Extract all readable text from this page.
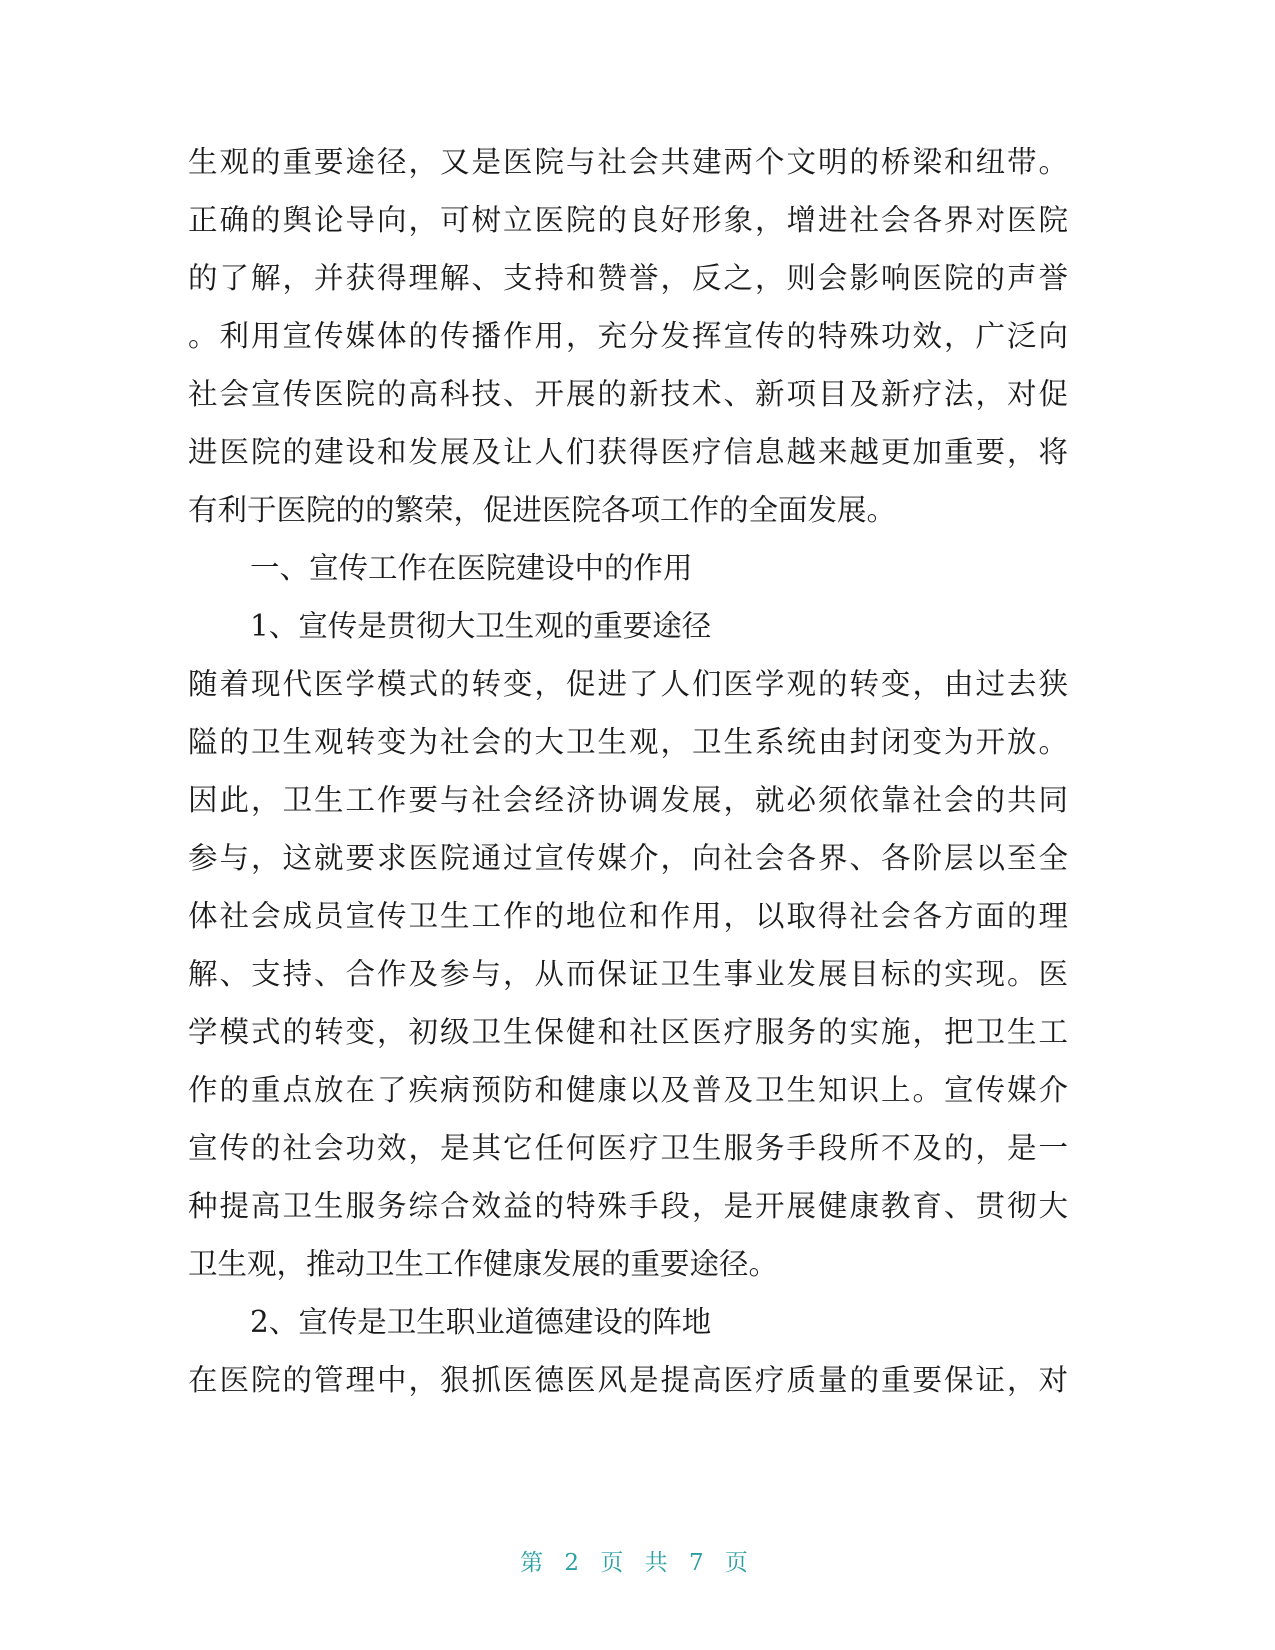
生观的重要途径，又是医院与社会共建两个文明的桥梁和纽带。
正确的舆论导向，可树立医院的良好形象，增进社会各界对医院
的了解，并获得理解、支持和赞誉，反之，则会影响医院的声誉
。利用宣传媒体的传播作用，充分发挥宣传的特殊功效，广泛向
社会宣传医院的高科技、开展的新技术、新项目及新疗法，对促
进医院的建设和发展及让人们获得医疗信息越来越更加重要，将
有利于医院的的繁荣，促进医院各项工作的全面发展。
一、宣传工作在医院建设中的作用
1、宣传是贯彻大卫生观的重要途径
随着现代医学模式的转变，促进了人们医学观的转变，由过去狭
隘的卫生观转变为社会的大卫生观，卫生系统由封闭变为开放。
因此，卫生工作要与社会经济协调发展，就必须依靠社会的共同
参与，这就要求医院通过宣传媒介，向社会各界、各阶层以至全
体社会成员宣传卫生工作的地位和作用，以取得社会各方面的理
解、支持、合作及参与，从而保证卫生事业发展目标的实现。医
学模式的转变，初级卫生保健和社区医疗服务的实施，把卫生工
作的重点放在了疾病预防和健康以及普及卫生知识上。宣传媒介
宣传的社会功效，是其它任何医疗卫生服务手段所不及的，是一
种提高卫生服务综合效益的特殊手段，是开展健康教育、贯彻大
卫生观，推动卫生工作健康发展的重要途径。
2、宣传是卫生职业道德建设的阵地
在医院的管理中，狠抓医德医风是提高医疗质量的重要保证，对
第 2 页 共 7 页
